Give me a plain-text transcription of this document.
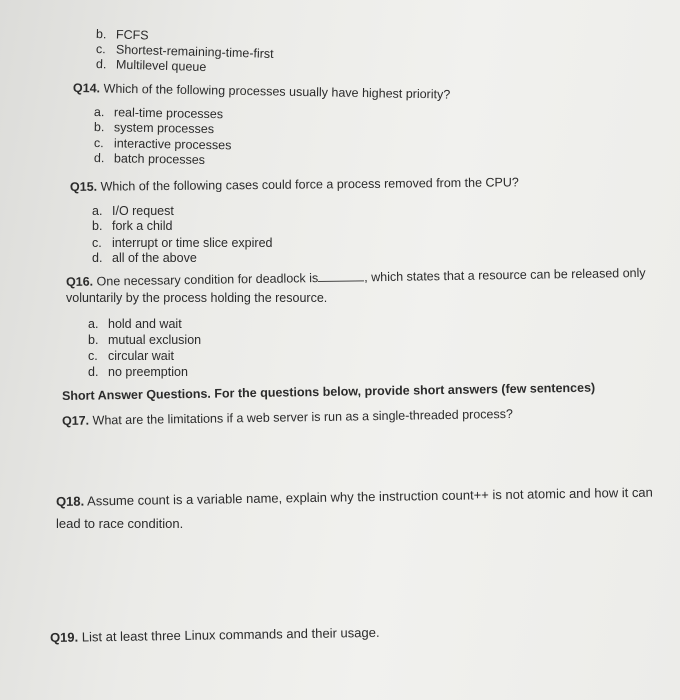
b. FCFS
c. Shortest-remaining-time-first
d. Multilevel queue
Q14. Which of the following processes usually have highest priority?
a. real-time processes
b. system processes
c. interactive processes
d. batch processes
Q15. Which of the following cases could force a process removed from the CPU?
a. I/O request
b. fork a child
c. interrupt or time slice expired
d. all of the above
Q16. One necessary condition for deadlock is	, which states that a resource can be released only
voluntarily by the process holding the resource.
a. hold and wait
b. mutual exclusion
c. circular wait
d. no preemption
Short Answer Questions. For the questions below, provide short answers (few sentences)
Q17. What are the limitations if a web server is run as a single-threaded process?
Q18. Assume count is a variable name, explain why the instruction count++ is not atomic and how it can
lead to race condition.
Q19. List at least three Linux commands and their usage.
